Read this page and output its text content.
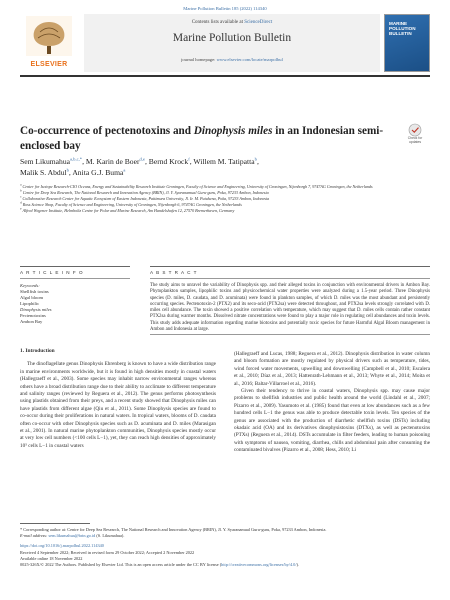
Marine Pollution Bulletin 185 (2022) 114340
ELSEVIER
Contents lists available at ScienceDirect
Marine Pollution Bulletin
journal homepage: www.elsevier.com/locate/marpolbul
MARINE POLLUTION BULLETIN
Check for updates
Co-occurrence of pectenotoxins and Dinophysis miles in an Indonesian semi-enclosed bay
Sem Likumahua$^{a,b,c,*}$, M. Karin de Boer$^{d,e}$, Bernd Krock$^f$, Willem M. Tatipatta$^b$,
Malik S. Abdul$^b$, Anita G.J. Buma$^a$
$^a$ Center for Isotope Research-CIO Oceans, Energy and Sustainability Research Institute Groningen, Faculty of Science and Engineering, University of Groningen, Nijenborgh 7, 9747AG Groningen, the Netherlands
$^b$ Centre for Deep Sea Research, The National Research and Innovation Agency (BRIN), Jl. Y. Syaranamual Guru-guru, Poka, 97233 Ambon, Indonesia
$^c$ Collaborative Research Center for Aquatic Ecosystem of Eastern Indonesia, Pattimura University, Jl. Ir. M. Putuhena, Poka, 97233 Ambon, Indonesia
$^d$ Ross Science Shop, Faculty of Science and Engineering, University of Groningen, Nijenborgh 6, 9747AG Groningen, the Netherlands
$^e$ Alfred Wegener Institute, Helmholtz Centre for Polar and Marine Research, Am Handelshafen 12, 27570 Bremerhaven, Germany
A R T I C L E I N F O	A B S T R A C T
Keywords:
Shellfish toxins
Algal bloom
Lipophilic
Dinophysis miles
Pectenotoxins
Ambon Bay
The study aims to unravel the variability of Dinophysis spp. and their alleged toxins in conjunction with environmental drivers in Ambon Bay. Phytoplankton samples, lipophilic toxins and physicochemical water properties were analyzed during a 1.5-year period. Three Dinophysis species (D. miles, D. caudata, and D. acuminata) were found in plankton samples, of which D. miles was the most abundant and persistently occurring species. Pectenotoxin-2 (PTX2) and its seco-acid (PTX2sa) were detected throughout, and PTX2sa levels strongly correlated with D. miles cell abundance. The toxin showed a positive correlation with temperature, which may suggest that D. miles cells contain rather constant PTX2sa during warmer months. Dissolved nitrate concentrations were found to play a major role in regulating cell abundances and toxin levels. This study adds adequate information regarding marine biotoxins and potentially toxic species for future Harmful Algal Bloom management in Ambon and Indonesia at large.
1. Introduction

The dinoflagellate genus Dinophysis Ehrenberg is known to have a wide distribution range in marine environments worldwide, but it is found in high densities mostly in coastal waters (Hallegraeff et al., 2003). Some species may inhabit narrow environmental ranges whereas others have a broad distribution range due to their ability to acclimate to different temperature and salinity ranges (reviewed by Reguera et al., 2012). The genus performs photosynthesis using plastids obtained from their preys, and a recent study showed that Dinophysis miles can have plastids from different algae (Qiu et al., 2011). Some Dinophysis species are found to co-occur during their proliferations in natural waters. In tropical waters, blooms of D. caudata often co-occur with other Dinophysis species such as D. acuminata and D. miles (Marasigan et al., 2001). In natural marine phytoplankton communities, Dinophysis species mostly occur at very low cell numbers (<100 cells L−1), yet, they can reach high densities of approximately 10⁵ cells L−1 in coastal waters

(Hallegraeff and Lucas, 1988; Reguera et al., 2012). Dinophysis distribution in water column and bloom formation are mostly regulated by physical drivers such as temperature, tides, wind forced water movements, upwelling and downwelling (Campbell et al., 2010; Escalera et al., 2010; Díaz et al., 2013; Hattenrath-Lehmann et al., 2013; Whyte et al., 2014; Moita et al., 2016; Baltar-Villarroel et al., 2016).

Given their tendency to thrive in coastal waters, Dinophysis spp. may cause major problems to shellfish industries and public health around the world (Lindahl et al., 2007; Pizarro et al., 2009). Yasumoto et al. (1985) found that even at low abundances such as a few hundred cells L−1 the genus was able to produce detectable toxin levels. Ten species of the genus are associated with the production of diarrhetic shellfish toxins (DSTs) including okadaic acid (OA) and its derivatives dinophysistoxins (DTXs), as well as pectenotoxins (PTXs) (Reguera et al., 2014). DSTs accumulate in filter feeders, leading to human poisoning with symptoms of nausea, vomiting, diarrhea, chills and abdominal pain after consuming the contaminated bivalves (Pizarro et al., 2008; Hess, 2010; Li

* Corresponding author at: Centre for Deep Sea Research, The National Research and Innovation Agency (BRIN), Jl. Y. Syaranamual Guru-guru, Poka, 97233 Ambon, Indonesia.
E-mail address: sem.likumahua@brin.go.id (S. Likumahua).
https://doi.org/10.1016/j.marpolbul.2022.114340
Received 4 September 2022; Received in revised form 29 October 2022; Accepted 2 November 2022
Available online 18 November 2022
0025-326X/© 2022 The Authors. Published by Elsevier Ltd. This is an open access article under the CC BY license (http://creativecommons.org/licenses/by/4.0/).
